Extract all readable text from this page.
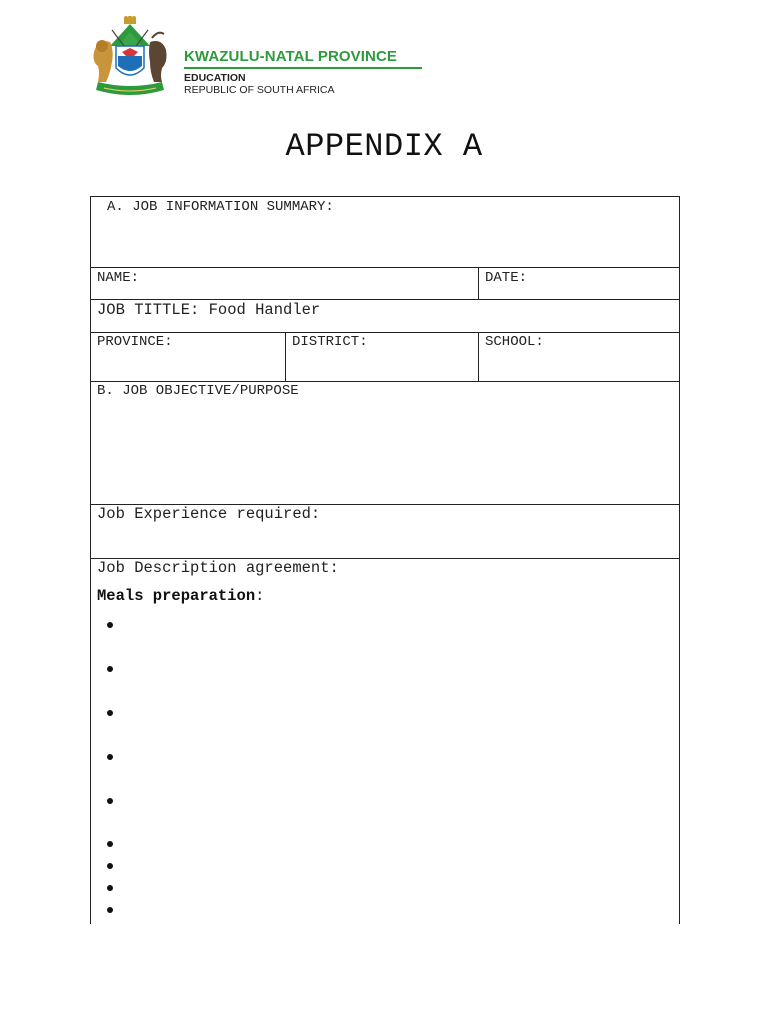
KWAZULU-NATAL PROVINCE
EDUCATION
REPUBLIC OF SOUTH AFRICA
APPENDIX A
A. JOB INFORMATION SUMMARY:
NAME:	DATE:
JOB TITTLE: Food Handler
PROVINCE:	DISTRICT:	SCHOOL:
B. JOB OBJECTIVE/PURPOSE
Job Experience required:
Job Description agreement:
Meals preparation:
